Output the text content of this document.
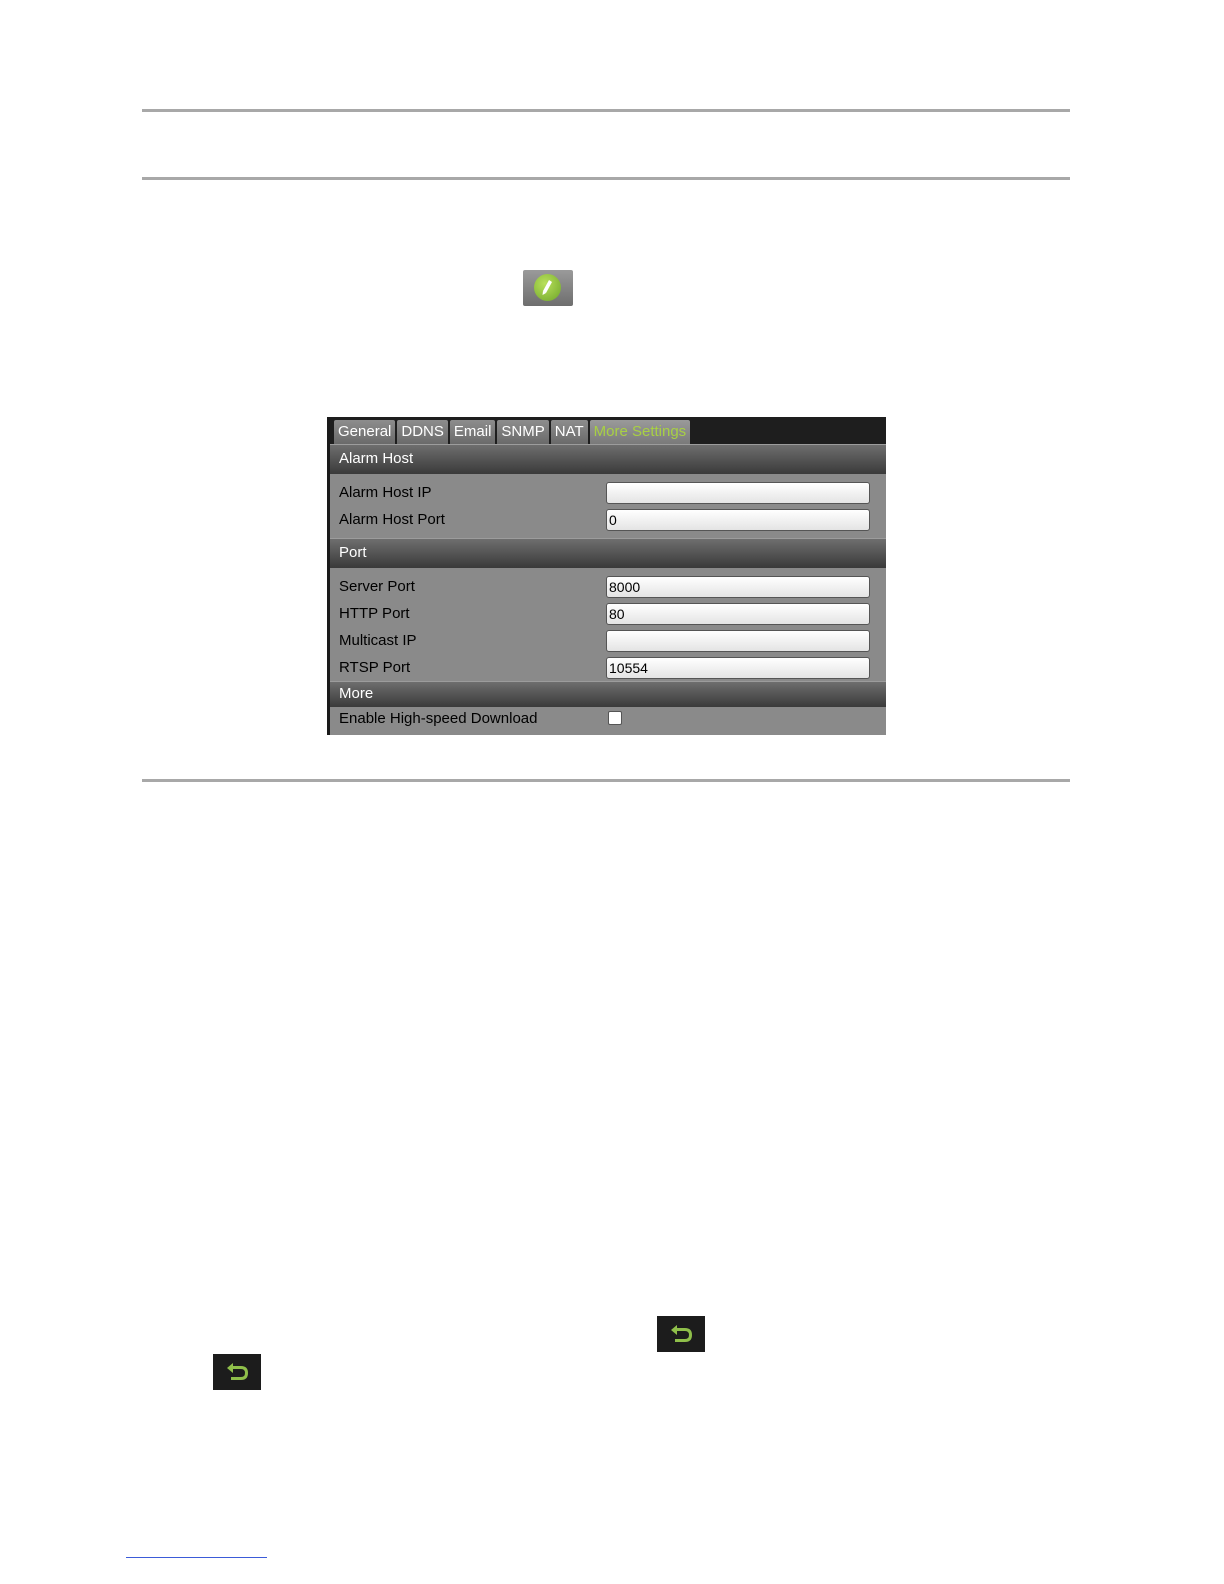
General DDNS Email SNMP NAT More Settings
Alarm Host
Alarm Host IP
Alarm Host Port
0
Port
Server Port
8000
HTTP Port
80
Multicast IP
RTSP Port
10554
More
Enable High-speed Download
